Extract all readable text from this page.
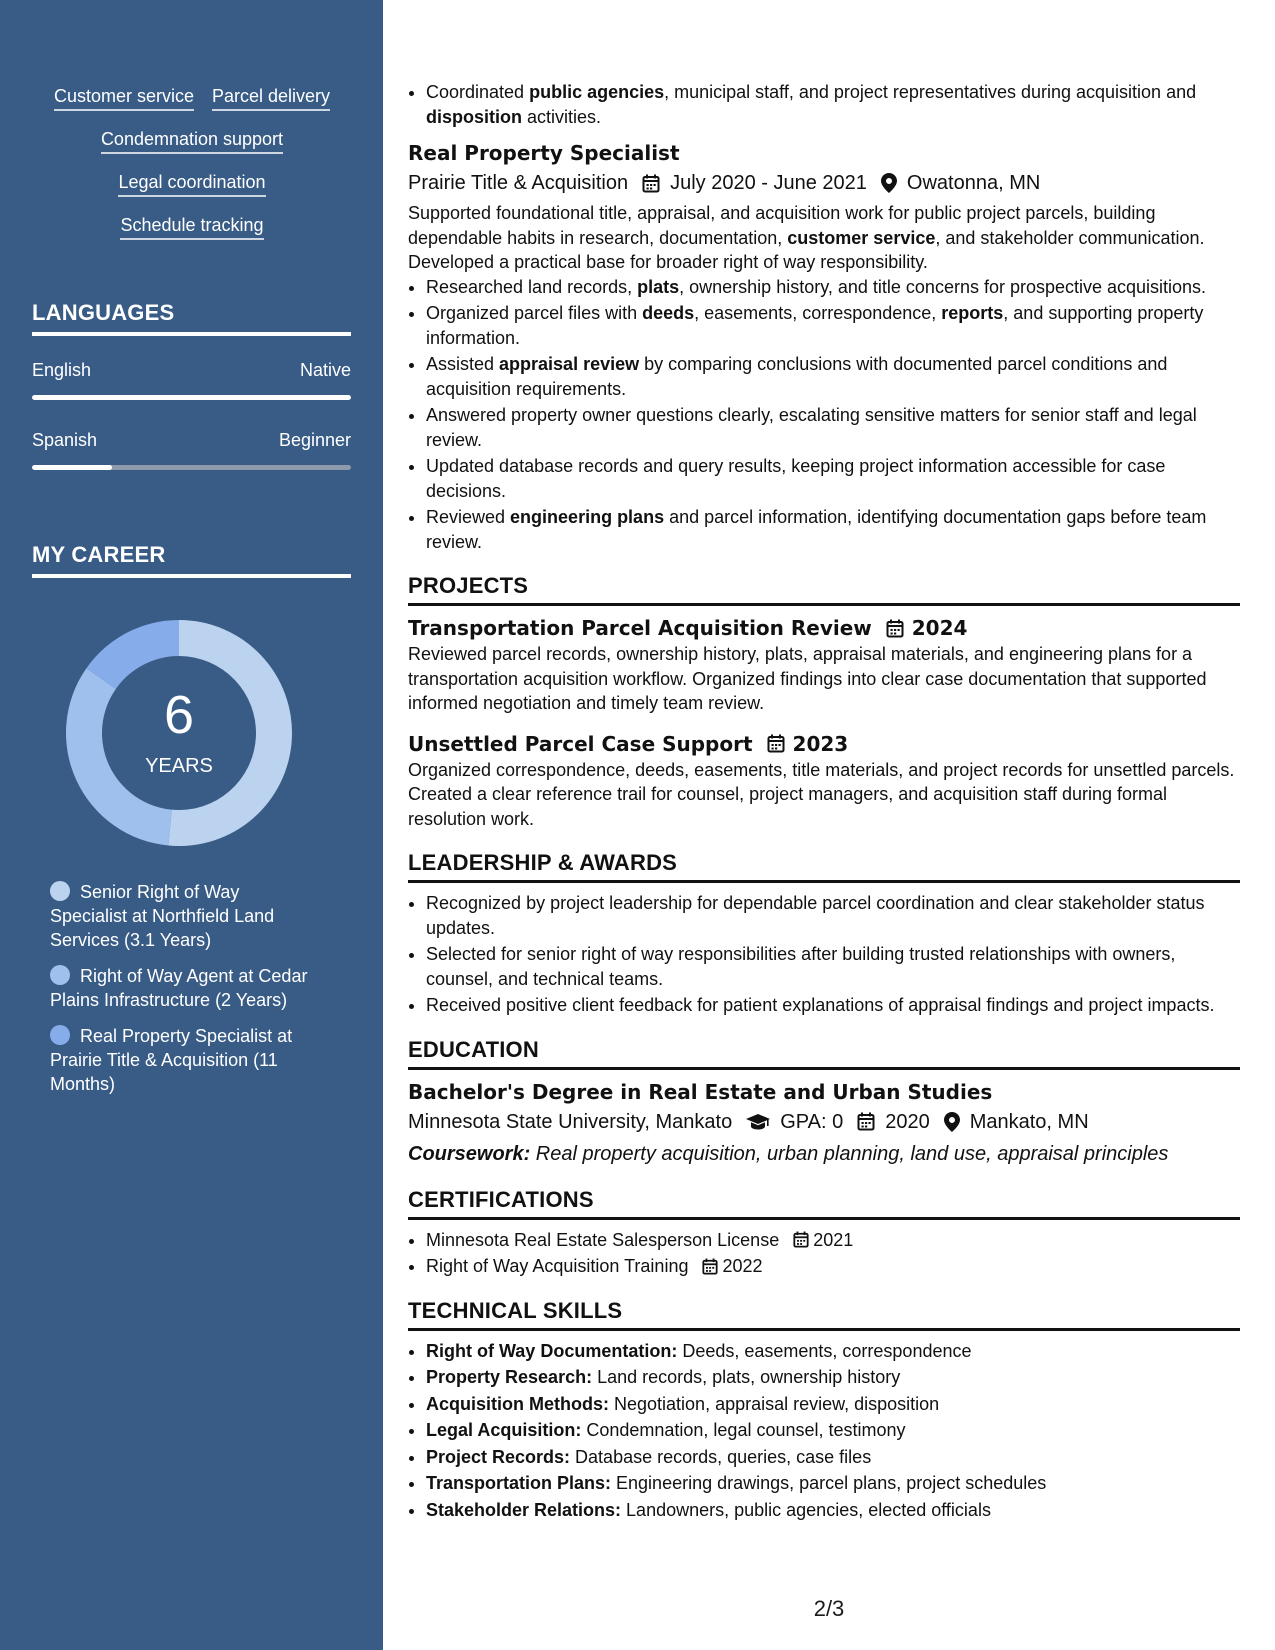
Customer service Parcel delivery
Condemnation support
Legal coordination
Schedule tracking
LANGUAGES
English	Native
Spanish	Beginner
MY CAREER
6
YEARS
Senior Right of Way Specialist at Northfield Land Services (3.1 Years)
Right of Way Agent at Cedar Plains Infrastructure (2 Years)
Real Property Specialist at Prairie Title & Acquisition (11 Months)
• Coordinated public agencies, municipal staff, and project representatives during acquisition and disposition activities.
Real Property Specialist
Prairie Title & Acquisition July 2020 - June 2021 Owatonna, MN
Supported foundational title, appraisal, and acquisition work for public project parcels, building dependable habits in research, documentation, customer service, and stakeholder communication. Developed a practical base for broader right of way responsibility.
• Researched land records, plats, ownership history, and title concerns for prospective acquisitions.
• Organized parcel files with deeds, easements, correspondence, reports, and supporting property information.
• Assisted appraisal review by comparing conclusions with documented parcel conditions and acquisition requirements.
• Answered property owner questions clearly, escalating sensitive matters for senior staff and legal review.
• Updated database records and query results, keeping project information accessible for case decisions.
• Reviewed engineering plans and parcel information, identifying documentation gaps before team review.
PROJECTS
Transportation Parcel Acquisition Review 2024
Reviewed parcel records, ownership history, plats, appraisal materials, and engineering plans for a transportation acquisition workflow. Organized findings into clear case documentation that supported informed negotiation and timely team review.
Unsettled Parcel Case Support 2023
Organized correspondence, deeds, easements, title materials, and project records for unsettled parcels. Created a clear reference trail for counsel, project managers, and acquisition staff during formal resolution work.
LEADERSHIP & AWARDS
• Recognized by project leadership for dependable parcel coordination and clear stakeholder status updates.
• Selected for senior right of way responsibilities after building trusted relationships with owners, counsel, and technical teams.
• Received positive client feedback for patient explanations of appraisal findings and project impacts.
EDUCATION
Bachelor's Degree in Real Estate and Urban Studies
Minnesota State University, Mankato GPA: 0 2020 Mankato, MN
Coursework: Real property acquisition, urban planning, land use, appraisal principles
CERTIFICATIONS
• Minnesota Real Estate Salesperson License 2021
• Right of Way Acquisition Training 2022
TECHNICAL SKILLS
• Right of Way Documentation: Deeds, easements, correspondence
• Property Research: Land records, plats, ownership history
• Acquisition Methods: Negotiation, appraisal review, disposition
• Legal Acquisition: Condemnation, legal counsel, testimony
• Project Records: Database records, queries, case files
• Transportation Plans: Engineering drawings, parcel plans, project schedules
• Stakeholder Relations: Landowners, public agencies, elected officials
2/3
